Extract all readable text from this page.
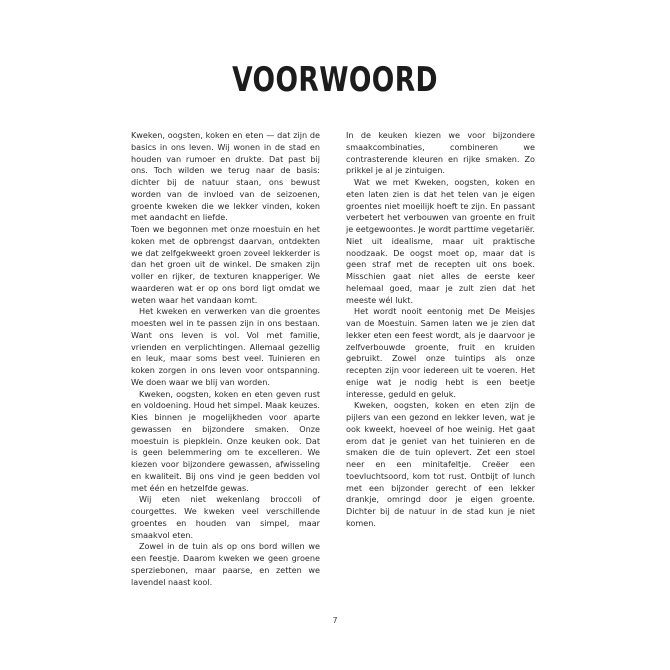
VOORWOORD

Kweken, oogsten, koken en eten — dat zijn de basics in ons leven. Wij wonen in de stad en houden van rumoer en drukte. Dat past bij ons. Toch wilden we terug naar de basis: dichter bij de natuur staan, ons bewust worden van de invloed van de seizoenen, groente kweken die we lekker vinden, koken met aandacht en liefde.

Toen we begonnen met onze moestuin en het koken met de opbrengst daarvan, ontdekten we dat zelfgekweekt groen zoveel lekkerder is dan het groen uit de winkel. De smaken zijn voller en rijker, de texturen knapperiger. We waarderen wat er op ons bord ligt omdat we weten waar het vandaan komt.

Het kweken en verwerken van die groentes moesten wel in te passen zijn in ons bestaan. Want ons leven is vol. Vol met familie, vrienden en verplichtingen. Allemaal gezellig en leuk, maar soms best veel. Tuinieren en koken zorgen in ons leven voor ontspanning. We doen waar we blij van worden.

Kweken, oogsten, koken en eten geven rust en voldoening. Houd het simpel. Maak keuzes. Kies binnen je mogelijkheden voor aparte gewassen en bijzondere smaken. Onze moestuin is piepklein. Onze keuken ook. Dat is geen belemmering om te excelleren. We kiezen voor bijzondere gewassen, afwisseling en kwaliteit. Bij ons vind je geen bedden vol met één en hetzelfde gewas.

Wij eten niet wekenlang broccoli of courgettes. We kweken veel verschillende groentes en houden van simpel, maar smaakvol eten.

Zowel in de tuin als op ons bord willen we een feestje. Daarom kweken we geen groene sperziebonen, maar paarse, en zetten we lavendel naast kool.

In de keuken kiezen we voor bijzondere smaakcombinaties, combineren we contrasterende kleuren en rijke smaken. Zo prikkel je al je zintuigen.

Wat we met Kweken, oogsten, koken en eten laten zien is dat het telen van je eigen groentes niet moeilijk hoeft te zijn. En passant verbetert het verbouwen van groente en fruit je eetgewoontes. Je wordt parttime vegetariër. Niet uit idealisme, maar uit praktische noodzaak. De oogst moet op, maar dat is geen straf met de recepten uit ons boek. Misschien gaat niet alles de eerste keer helemaal goed, maar je zult zien dat het meeste wél lukt.

Het wordt nooit eentonig met De Meisjes van de Moestuin. Samen laten we je zien dat lekker eten een feest wordt, als je daarvoor je zelfverbouwde groente, fruit en kruiden gebruikt. Zowel onze tuintips als onze recepten zijn voor iedereen uit te voeren. Het enige wat je nodig hebt is een beetje interesse, geduld en geluk.

Kweken, oogsten, koken en eten zijn de pijlers van een gezond en lekker leven, wat je ook kweekt, hoeveel of hoe weinig. Het gaat erom dat je geniet van het tuinieren en de smaken die de tuin oplevert. Zet een stoel neer en een minitafeltje. Creëer een toevluchtsoord, kom tot rust. Ontbijt of lunch met een bijzonder gerecht of een lekker drankje, omringd door je eigen groente. Dichter bij de natuur in de stad kun je niet komen.

7
